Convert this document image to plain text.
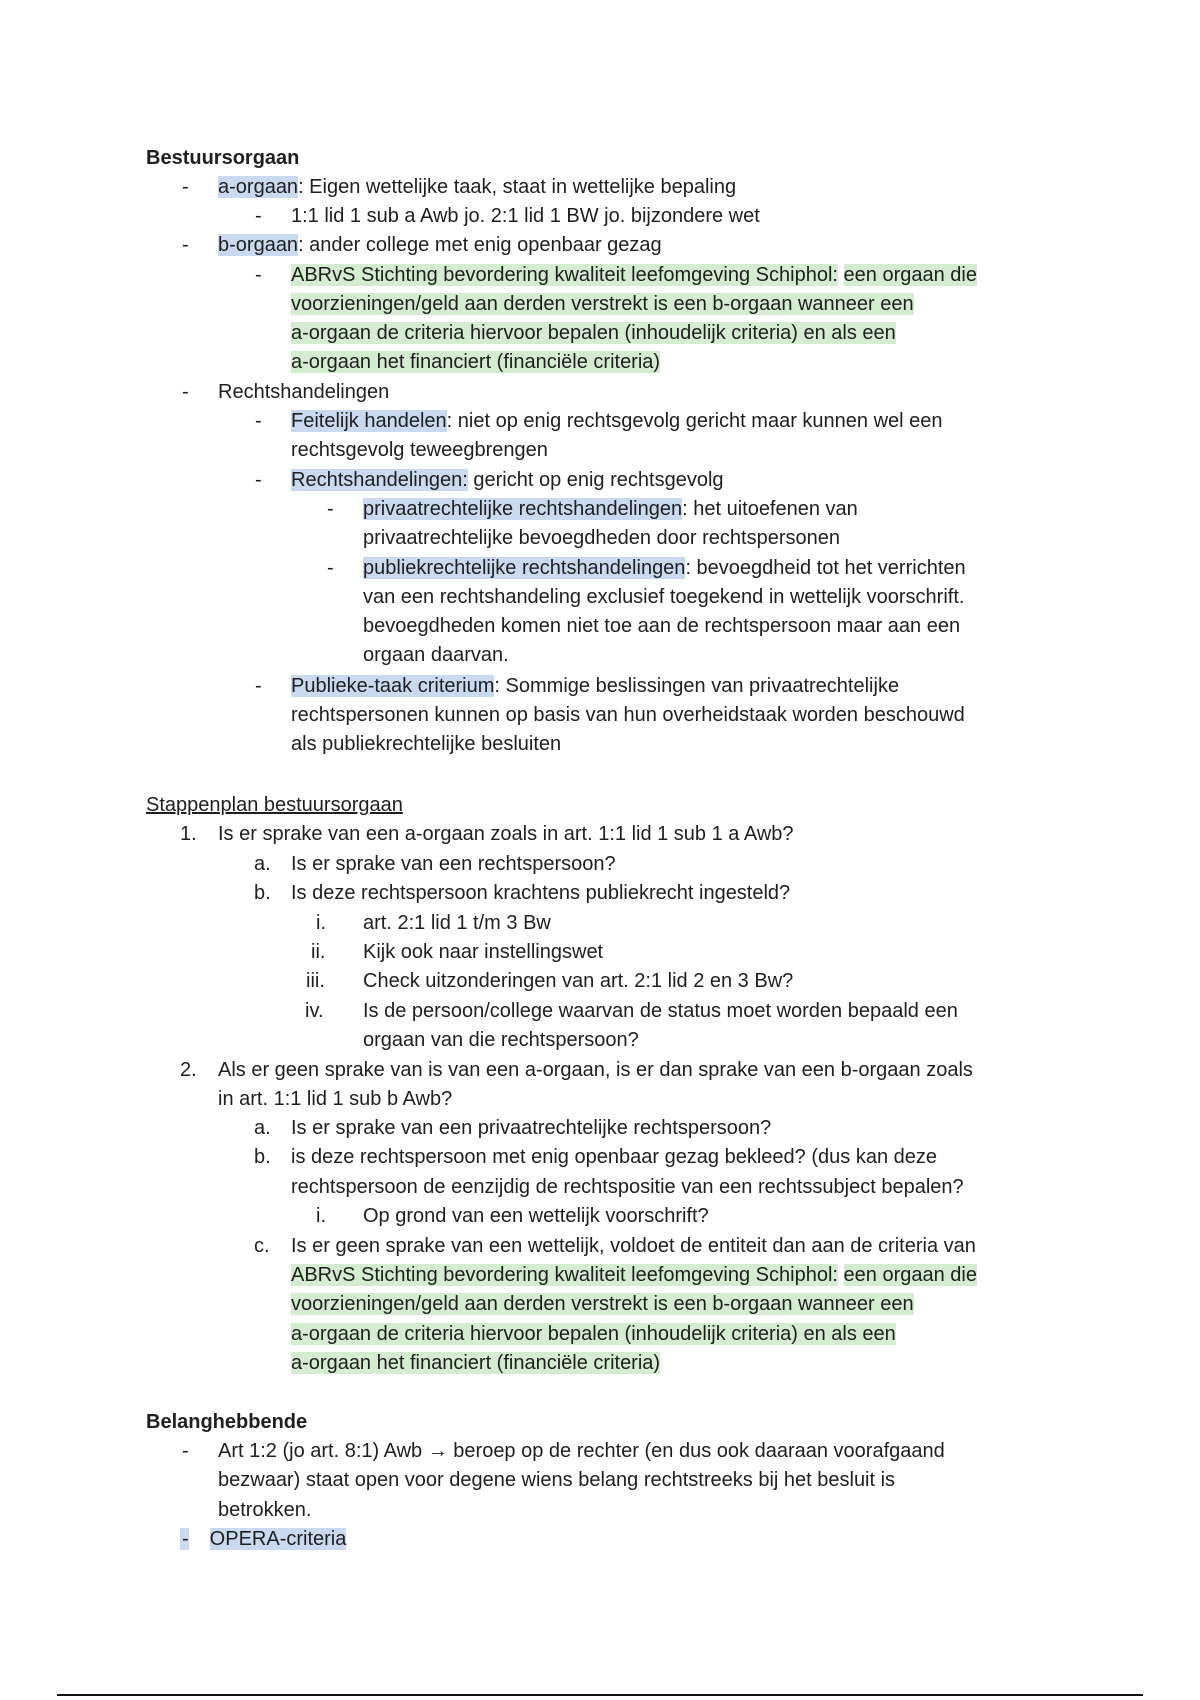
Bestuursorgaan
- a-orgaan: Eigen wettelijke taak, staat in wettelijke bepaling
- 1:1 lid 1 sub a Awb jo. 2:1 lid 1 BW jo. bijzondere wet
- b-orgaan: ander college met enig openbaar gezag
- ABRvS Stichting bevordering kwaliteit leefomgeving Schiphol: een orgaan die
voorzieningen/geld aan derden verstrekt is een b-orgaan wanneer een
a-orgaan de criteria hiervoor bepalen (inhoudelijk criteria) en als een
a-orgaan het financiert (financiële criteria)
- Rechtshandelingen
- Feitelijk handelen: niet op enig rechtsgevolg gericht maar kunnen wel een
rechtsgevolg teweegbrengen
- Rechtshandelingen: gericht op enig rechtsgevolg
- privaatrechtelijke rechtshandelingen: het uitoefenen van
privaatrechtelijke bevoegdheden door rechtspersonen
- publiekrechtelijke rechtshandelingen: bevoegdheid tot het verrichten
van een rechtshandeling exclusief toegekend in wettelijk voorschrift.
bevoegdheden komen niet toe aan de rechtspersoon maar aan een
orgaan daarvan.
- Publieke-taak criterium: Sommige beslissingen van privaatrechtelijke
rechtspersonen kunnen op basis van hun overheidstaak worden beschouwd
als publiekrechtelijke besluiten
Stappenplan bestuursorgaan
1. Is er sprake van een a-orgaan zoals in art. 1:1 lid 1 sub 1 a Awb?
a. Is er sprake van een rechtspersoon?
b. Is deze rechtspersoon krachtens publiekrecht ingesteld?
i. art. 2:1 lid 1 t/m 3 Bw
ii. Kijk ook naar instellingswet
iii. Check uitzonderingen van art. 2:1 lid 2 en 3 Bw?
iv. Is de persoon/college waarvan de status moet worden bepaald een
orgaan van die rechtspersoon?
2. Als er geen sprake van is van een a-orgaan, is er dan sprake van een b-orgaan zoals
in art. 1:1 lid 1 sub b Awb?
a. Is er sprake van een privaatrechtelijke rechtspersoon?
b. is deze rechtspersoon met enig openbaar gezag bekleed? (dus kan deze
rechtspersoon de eenzijdig de rechtspositie van een rechtssubject bepalen?
i. Op grond van een wettelijk voorschrift?
c. Is er geen sprake van een wettelijk, voldoet de entiteit dan aan de criteria van
ABRvS Stichting bevordering kwaliteit leefomgeving Schiphol: een orgaan die
voorzieningen/geld aan derden verstrekt is een b-orgaan wanneer een
a-orgaan de criteria hiervoor bepalen (inhoudelijk criteria) en als een
a-orgaan het financiert (financiële criteria)
Belanghebbende
- Art 1:2 (jo art. 8:1) Awb → beroep op de rechter (en dus ook daaraan voorafgaand
bezwaar) staat open voor degene wiens belang rechtstreeks bij het besluit is
betrokken.
- OPERA-criteria
